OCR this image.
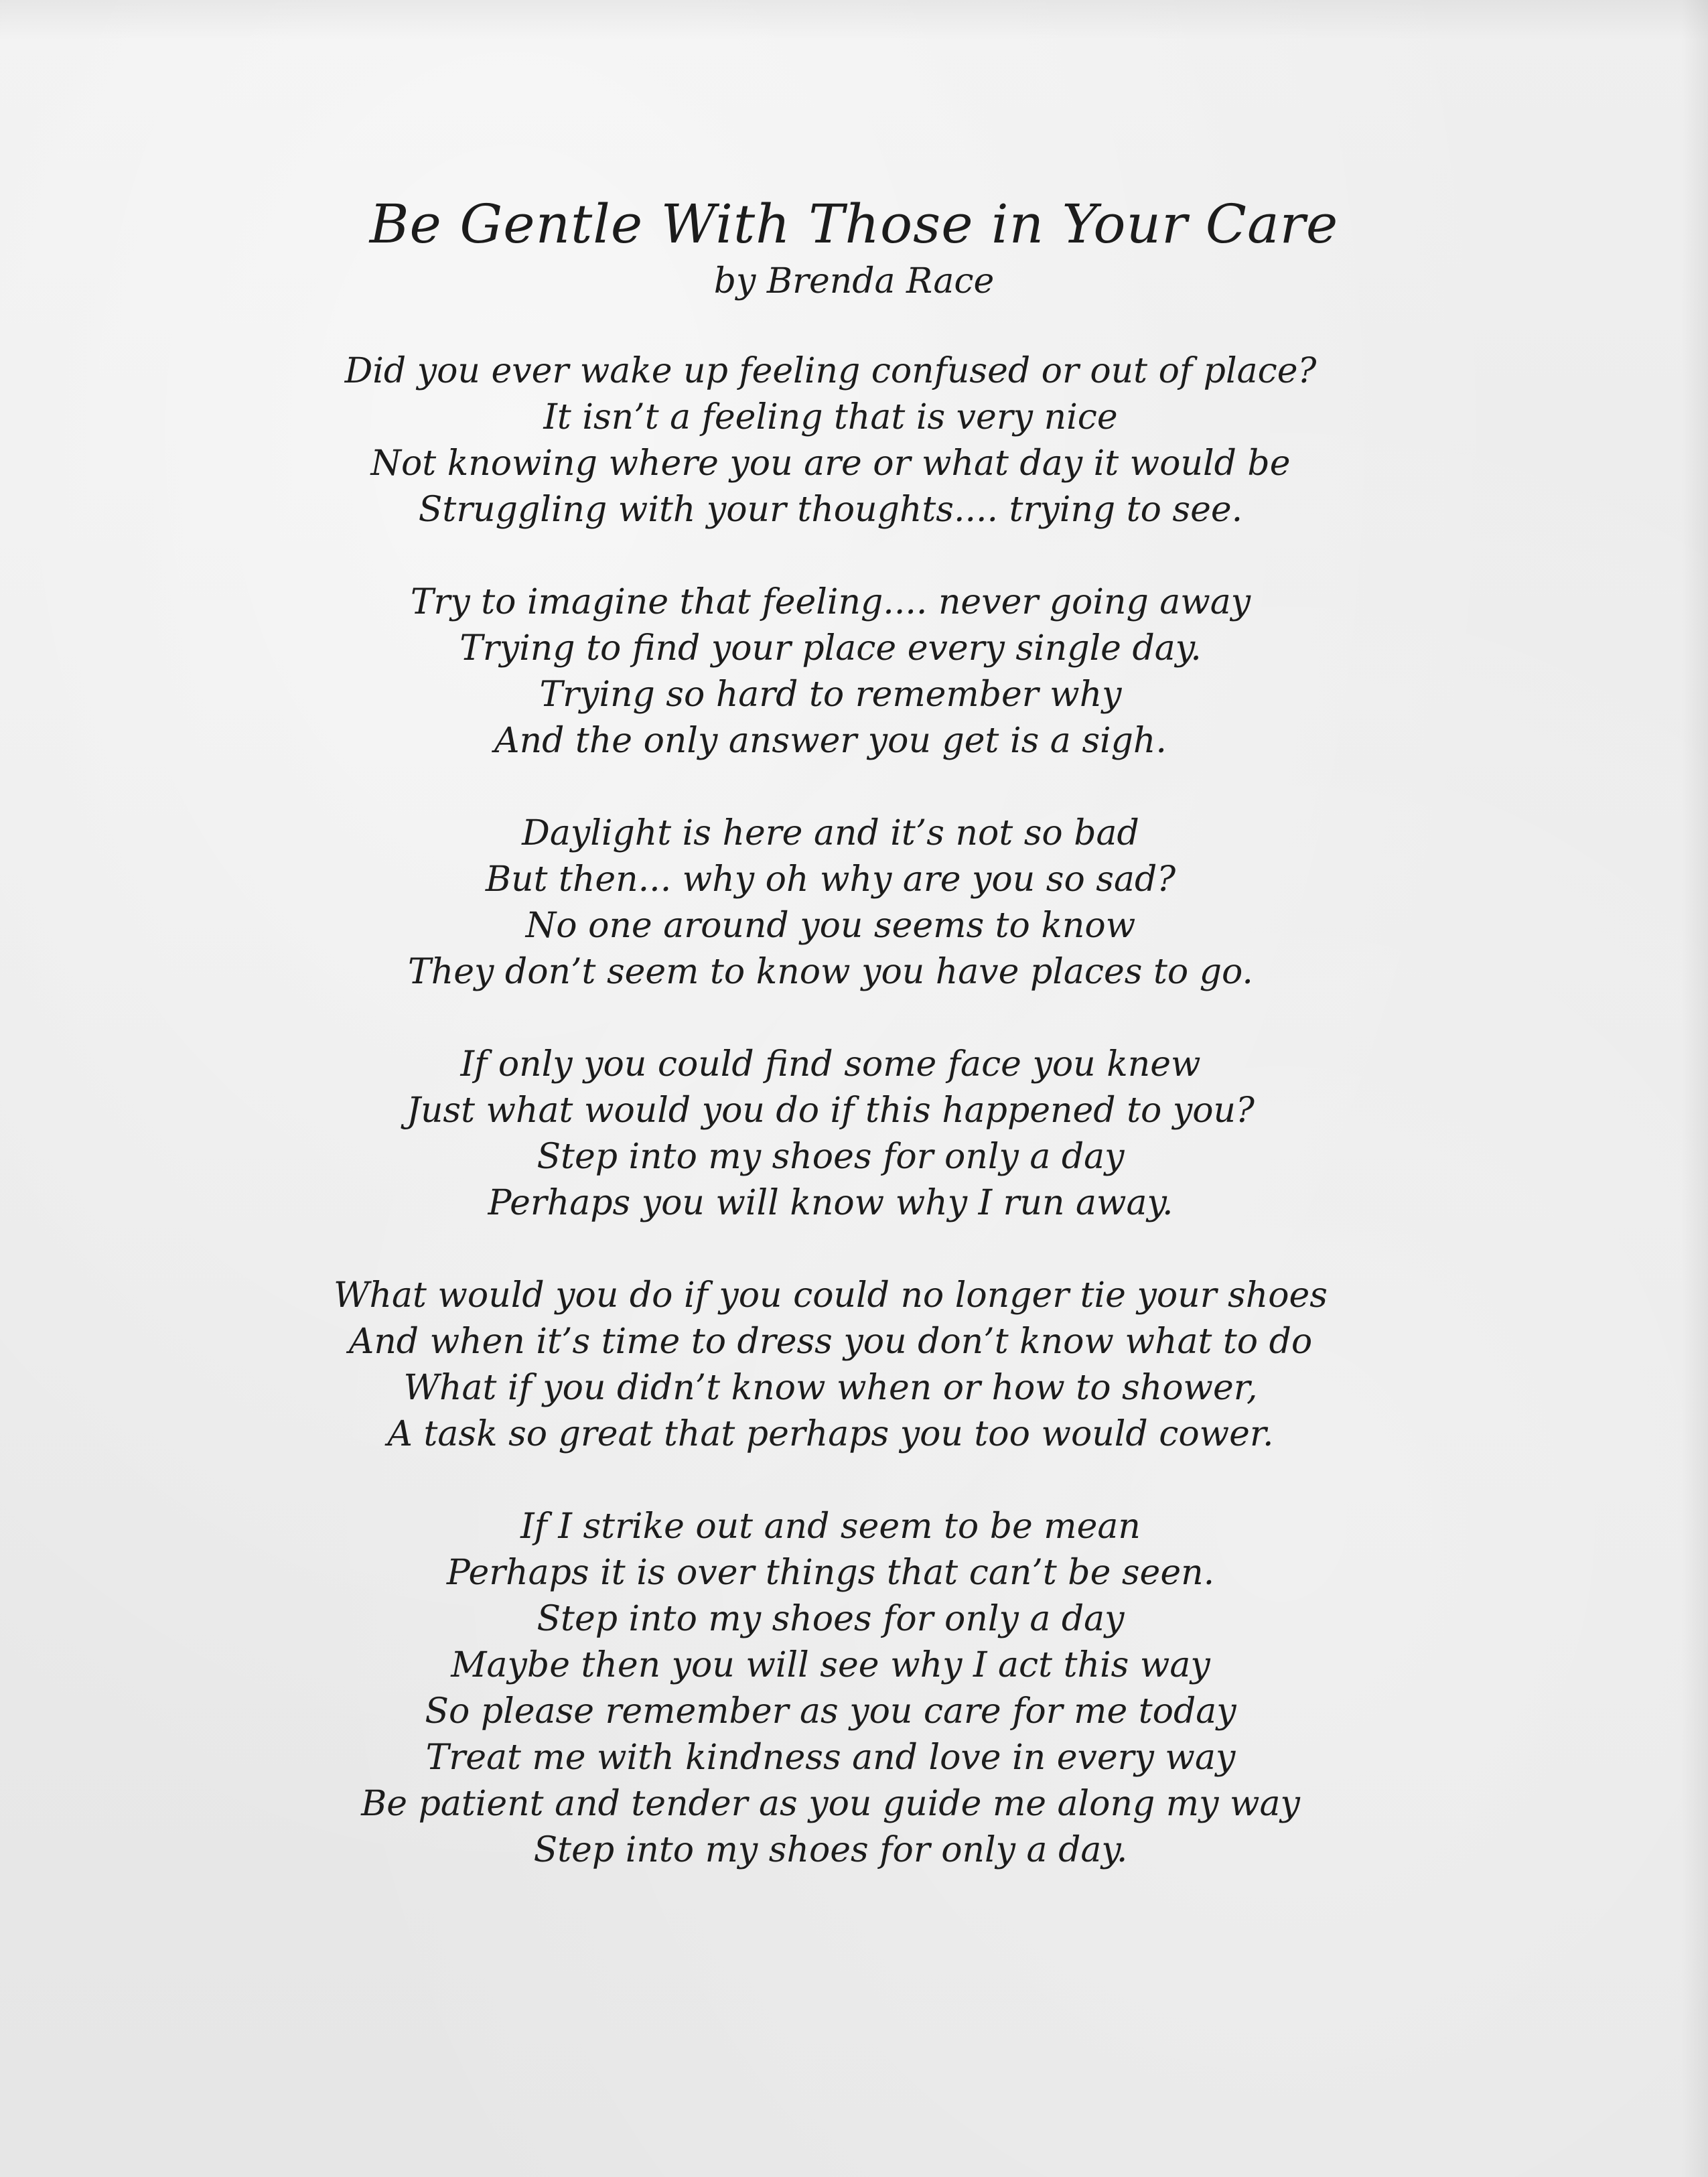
Be Gentle With Those in Your Care
by Brenda Race
Did you ever wake up feeling confused or out of place?
It isn’t a feeling that is very nice
Not knowing where you are or what day it would be
Struggling with your thoughts.... trying to see.
Try to imagine that feeling.... never going away
Trying to find your place every single day.
Trying so hard to remember why
And the only answer you get is a sigh.
Daylight is here and it’s not so bad
But then... why oh why are you so sad?
No one around you seems to know
They don’t seem to know you have places to go.
If only you could find some face you knew
Just what would you do if this happened to you?
Step into my shoes for only a day
Perhaps you will know why I run away.
What would you do if you could no longer tie your shoes
And when it’s time to dress you don’t know what to do
What if you didn’t know when or how to shower,
A task so great that perhaps you too would cower.
If I strike out and seem to be mean
Perhaps it is over things that can’t be seen.
Step into my shoes for only a day
Maybe then you will see why I act this way
So please remember as you care for me today
Treat me with kindness and love in every way
Be patient and tender as you guide me along my way
Step into my shoes for only a day.
